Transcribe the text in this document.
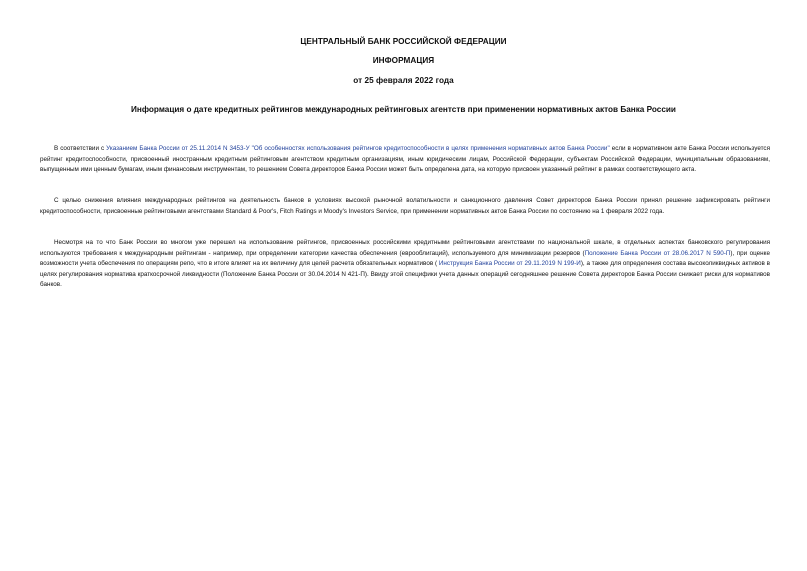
ЦЕНТРАЛЬНЫЙ БАНК РОССИЙСКОЙ ФЕДЕРАЦИИ
ИНФОРМАЦИЯ
от 25 февраля 2022 года
Информация о дате кредитных рейтингов международных рейтинговых агентств при применении нормативных актов Банка России

В соответствии с Указанием Банка России от 25.11.2014 N 3453-У "Об особенностях использования рейтингов кредитоспособности в целях применения нормативных актов Банка России" если в нормативном акте Банка России используется рейтинг кредитоспособности, присвоенный иностранным кредитным рейтинговым агентством кредитным организациям, иным юридическим лицам, Российской Федерации, субъектам Российской Федерации, муниципальным образованиям, выпущенным ими ценным бумагам, иным финансовым инструментам, то решением Совета директоров Банка России может быть определена дата, на которую присвоен указанный рейтинг в рамках соответствующего акта.

С целью снижения влияния международных рейтингов на деятельность банков в условиях высокой рыночной волатильности и санкционного давления Совет директоров Банка России принял решение зафиксировать рейтинги кредитоспособности, присвоенные рейтинговыми агентствами Standard & Poor's, Fitch Ratings и Moody's Investors Service, при применении нормативных актов Банка России по состоянию на 1 февраля 2022 года.

Несмотря на то что Банк России во многом уже перешел на использование рейтингов, присвоенных российскими кредитными рейтинговыми агентствами по национальной шкале, в отдельных аспектах банковского регулирования используются требования к международным рейтингам - например, при определении категории качества обеспечения (еврооблигаций), используемого для минимизации резервов (Положение Банка России от 28.06.2017 N 590-П), при оценке возможности учета обеспечения по операциям репо, что в итоге влияет на их величину для целей расчета обязательных нормативов ( Инструкция Банка России от 29.11.2019 N 199-И), а также для определения состава высоколиквидных активов в целях регулирования норматива краткосрочной ликвидности (Положение Банка России от 30.04.2014 N 421-П). Ввиду этой специфики учета данных операций сегодняшнее решение Совета директоров Банка России снижает риски для нормативов банков.
